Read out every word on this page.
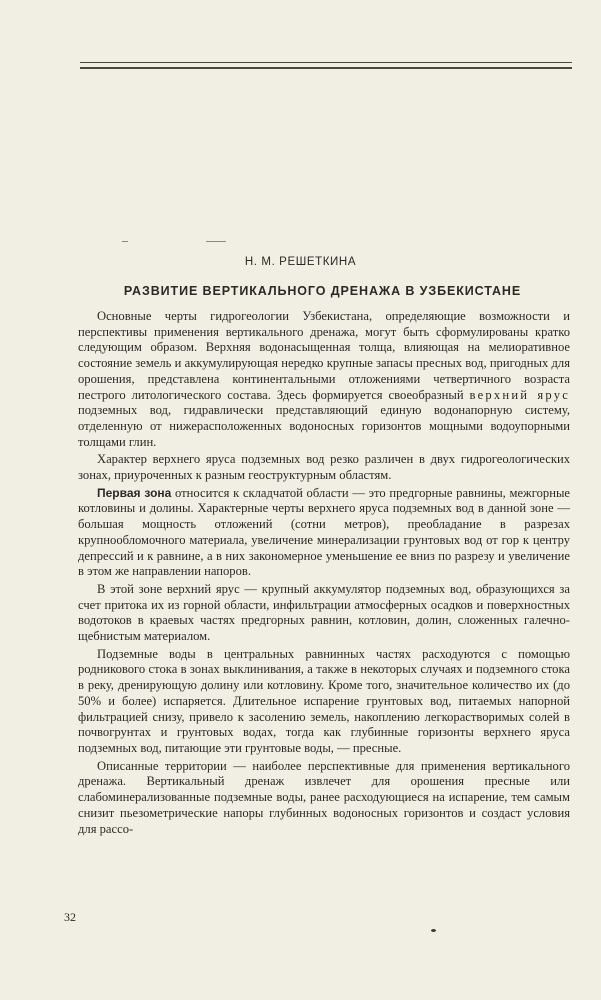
Н. М. РЕШЕТКИНА
РАЗВИТИЕ ВЕРТИКАЛЬНОГО ДРЕНАЖА В УЗБЕКИСТАНЕ

Основные черты гидрогеологии Узбекистана, определяющие возможности и перспективы применения вертикального дренажа, могут быть сформулированы кратко следующим образом. Верхняя водонасыщенная толща, влияющая на мелиоративное состояние земель и аккумулирующая нередко крупные запасы пресных вод, пригодных для орошения, представлена континентальными отложениями четвертичного возраста пестрого литологического состава. Здесь формируется своеобразный верхний ярус подземных вод, гидравлически представляющий единую водонапорную систему, отделенную от нижерасположенных водоносных горизонтов мощными водоупорными толщами глин.

Характер верхнего яруса подземных вод резко различен в двух гидрогеологических зонах, приуроченных к разным геоструктурным областям.

Первая зона относится к складчатой области — это предгорные равнины, межгорные котловины и долины. Характерные черты верхнего яруса подземных вод в данной зоне — большая мощность отложений (сотни метров), преобладание в разрезах крупнообломочного материала, увеличение минерализации грунтовых вод от гор к центру депрессий и к равнине, а в них закономерное уменьшение ее вниз по разрезу и увеличение в этом же направлении напоров.

В этой зоне верхний ярус — крупный аккумулятор подземных вод, образующихся за счет притока их из горной области, инфильтрации атмосферных осадков и поверхностных водотоков в краевых частях предгорных равнин, котловин, долин, сложенных галечно-щебнистым материалом.

Подземные воды в центральных равнинных частях расходуются с помощью родникового стока в зонах выклинивания, а также в некоторых случаях и подземного стока в реку, дренирующую долину или котловину. Кроме того, значительное количество их (до 50% и более) испаряется. Длительное испарение грунтовых вод, питаемых напорной фильтрацией снизу, привело к засолению земель, накоплению легкорастворимых солей в почвогрунтах и грунтовых водах, тогда как глубинные горизонты верхнего яруса подземных вод, питающие эти грунтовые воды, — пресные.

Описанные территории — наиболее перспективные для применения вертикального дренажа. Вертикальный дренаж извлечет для орошения пресные или слабоминерализованные подземные воды, ранее расходующиеся на испарение, тем самым снизит пьезометрические напоры глубинных водоносных горизонтов и создаст условия для рассо-

32
